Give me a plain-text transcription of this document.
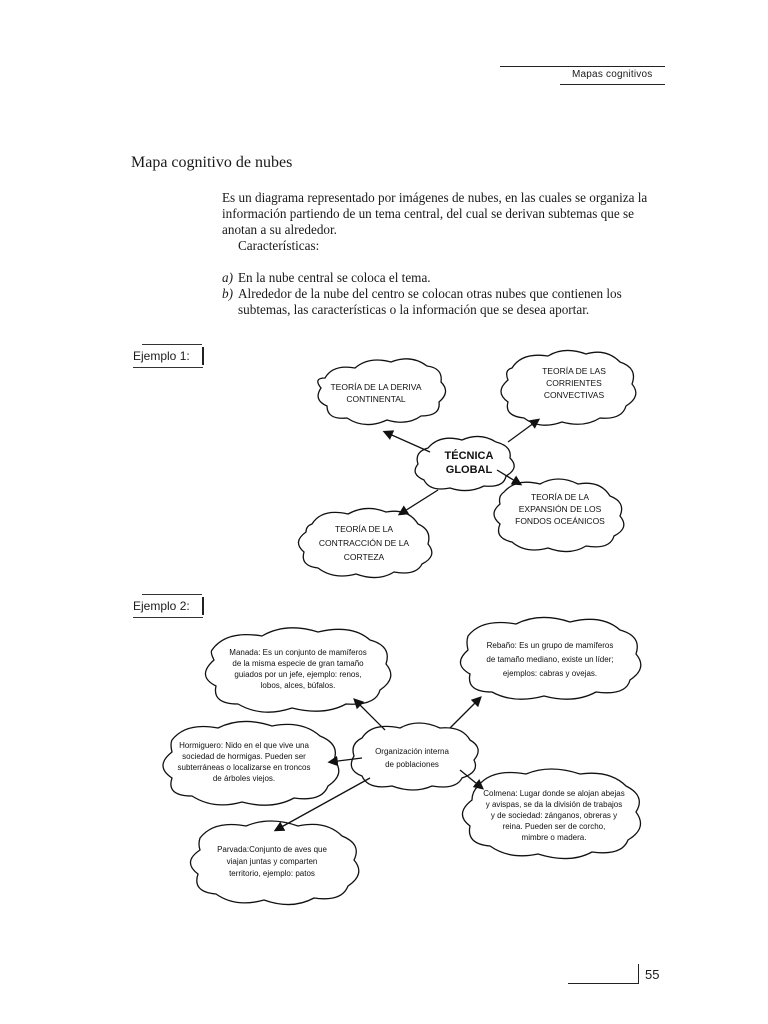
Mapas cognitivos
Mapa cognitivo de nubes
Es un diagrama representado por imágenes de nubes, en las cuales se organiza la información partiendo de un tema central, del cual se derivan subtemas que se anotan a su alrededor.
Características:
a) En la nube central se coloca el tema.
b) Alrededor de la nube del centro se colocan otras nubes que contienen los subtemas, las características o la información que se desea aportar.
Ejemplo 1:
TEORÍA DE LA DERIVA
CONTINENTAL
TEORÍA DE LAS
CORRIENTES
CONVECTIVAS
TEORÍA DE LA
EXPANSIÓN DE LOS
FONDOS OCEÁNICOS
TEORÍA DE LA
CONTRACCIÓN DE LA
CORTEZA
TÉCNICA
GLOBAL
Ejemplo 2:
Manada: Es un conjunto de mamíferos
de la misma especie de gran tamaño
guiados por un jefe, ejemplo: renos,
lobos, alces, búfalos.
Rebaño: Es un grupo de mamíferos
de tamaño mediano, existe un líder;
ejemplos: cabras y ovejas.
Hormiguero: Nido en el que vive una
sociedad de hormigas. Pueden ser
subterráneas o localizarse en troncos
de árboles viejos.
Colmena: Lugar donde se alojan abejas
y avispas, se da la división de trabajos
y de sociedad: zánganos, obreras y
reina. Pueden ser de corcho,
mimbre o madera.
Parvada:Conjunto de aves que
viajan juntas y comparten
territorio, ejemplo: patos
Organización interna
de poblaciones
55
